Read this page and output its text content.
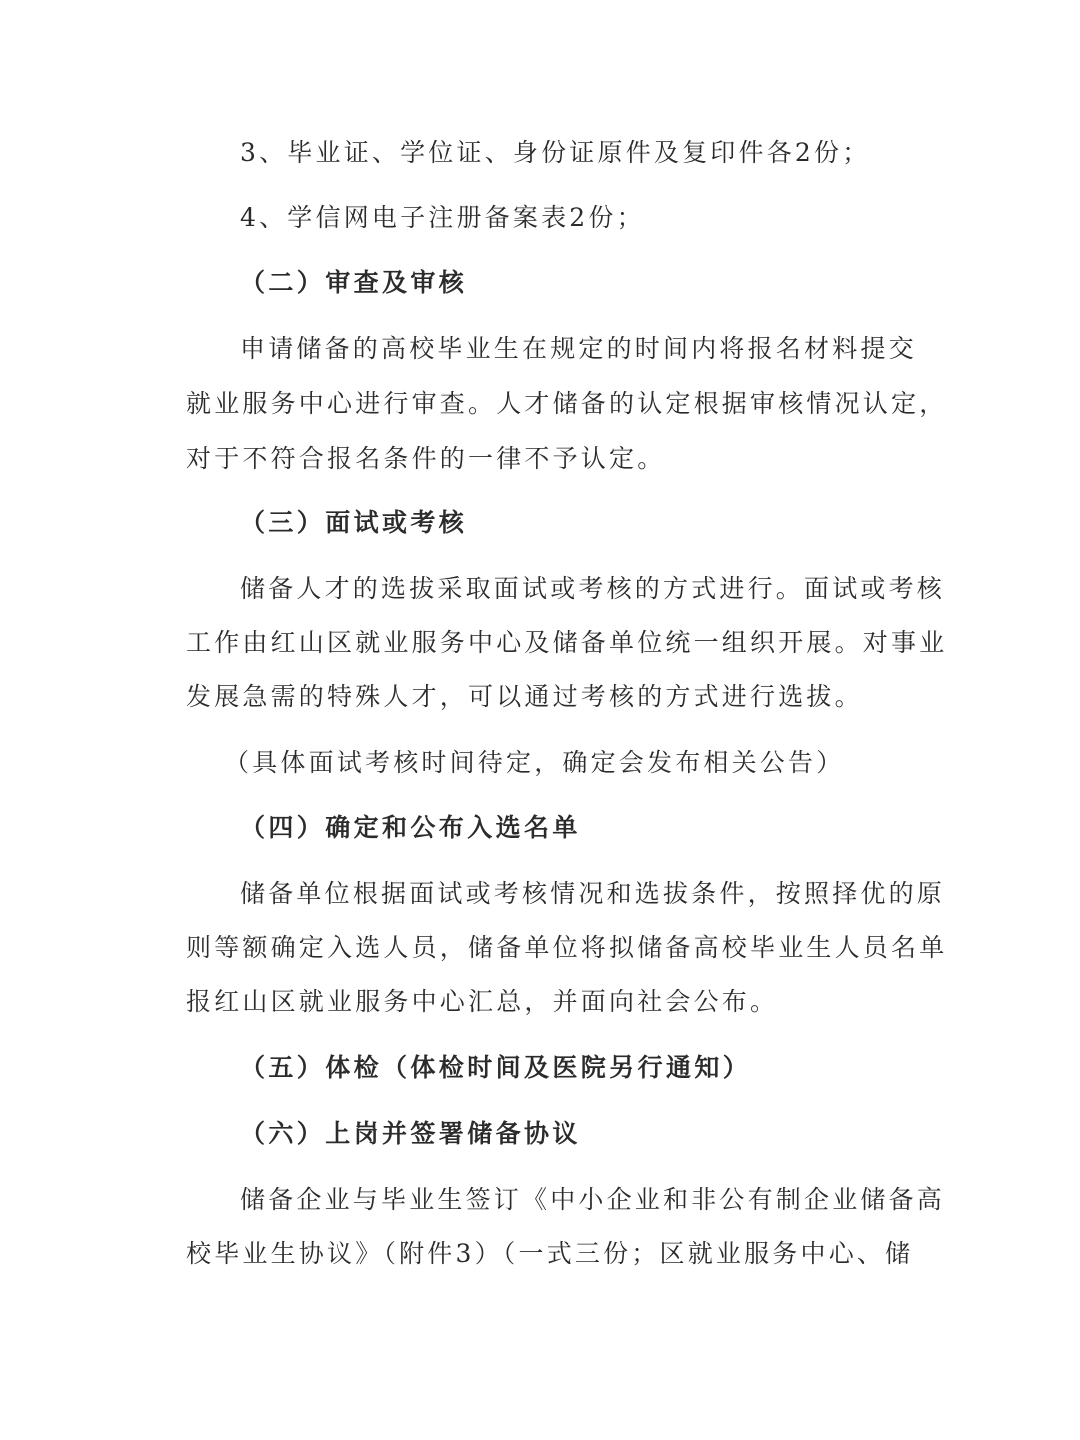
3、毕业证、学位证、身份证原件及复印件各2份；
4、学信网电子注册备案表2份；
（二）审查及审核
申请储备的高校毕业生在规定的时间内将报名材料提交
就业服务中心进行审查。人才储备的认定根据审核情况认定，
对于不符合报名条件的一律不予认定。
（三）面试或考核
储备人才的选拔采取面试或考核的方式进行。面试或考核
工作由红山区就业服务中心及储备单位统一组织开展。对事业
发展急需的特殊人才，可以通过考核的方式进行选拔。
（具体面试考核时间待定，确定会发布相关公告）
（四）确定和公布入选名单
储备单位根据面试或考核情况和选拔条件，按照择优的原
则等额确定入选人员，储备单位将拟储备高校毕业生人员名单
报红山区就业服务中心汇总，并面向社会公布。
（五）体检（体检时间及医院另行通知）
（六）上岗并签署储备协议
储备企业与毕业生签订《中小企业和非公有制企业储备高
校毕业生协议》（附件3）（一式三份；区就业服务中心、储
